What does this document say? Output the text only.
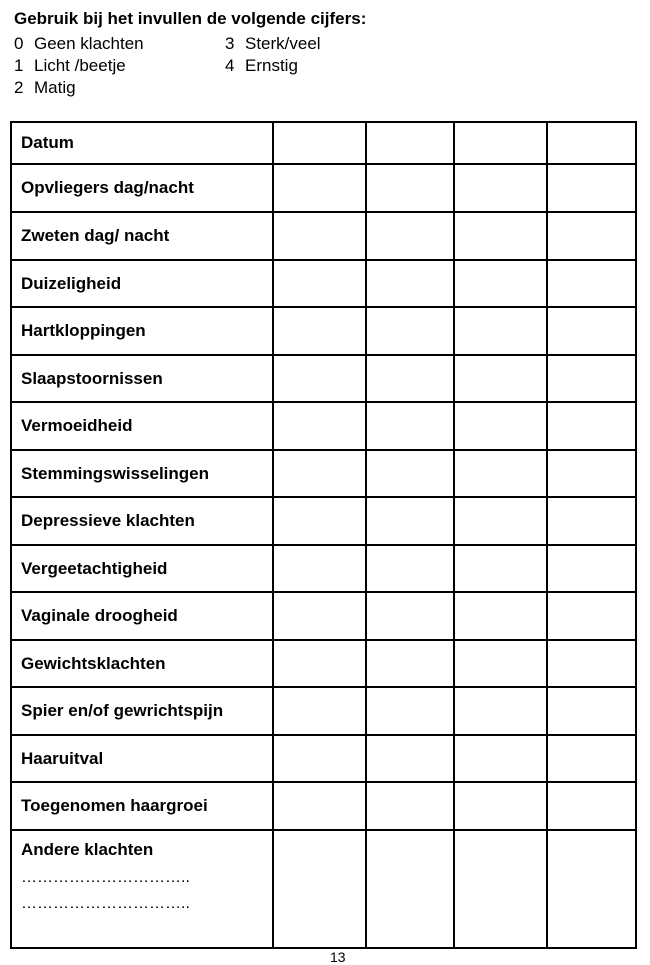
Gebruik bij het invullen de volgende cijfers:

0 Geen klachten
1 Licht /beetje
2 Matig
3 Sterk/veel
4 Ernstig
Datum				
Opvliegers dag/nacht				
Zweten dag/ nacht				
Duizeligheid				
Hartkloppingen				
Slaapstoornissen				
Vermoeidheid				
Stemmingswisselingen				
Depressieve klachten				
Vergeetachtigheid				
Vaginale droogheid				
Gewichtsklachten				
Spier en/of gewrichtspijn				
Haaruitval				
Toegenomen haargroei				

Andere klachten
…………………………..
…………………………..				

13
